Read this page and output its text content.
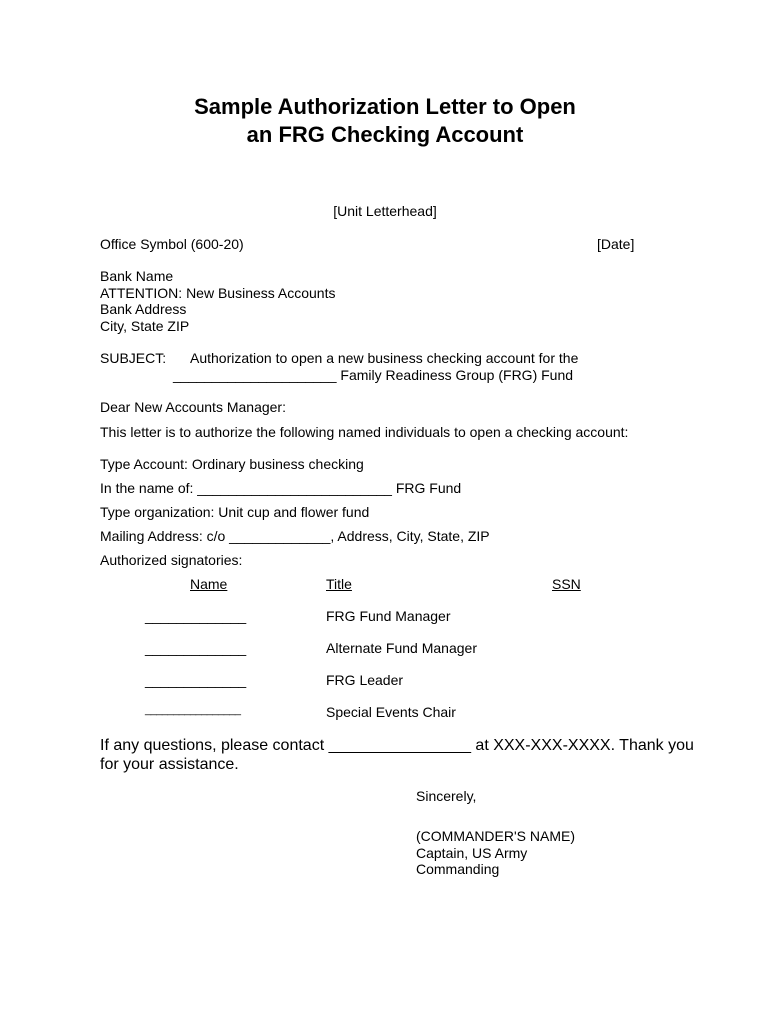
Sample Authorization Letter to Open
an FRG Checking Account
[Unit Letterhead]
Office Symbol (600-20)	[Date]
Bank Name
ATTENTION: New Business Accounts
Bank Address
City, State ZIP
SUBJECT: Authorization to open a new business checking account for the
_____________________ Family Readiness Group (FRG) Fund
Dear New Accounts Manager:
This letter is to authorize the following named individuals to open a checking account:
Type Account: Ordinary business checking
In the name of: _________________________ FRG Fund
Type organization: Unit cup and flower fund
Mailing Address: c/o _____________, Address, City, State, ZIP
Authorized signatories:
Name	Title	SSN
_____________	FRG Fund Manager
_____________	Alternate Fund Manager
_____________	FRG Leader
_________________	Special Events Chair
If any questions, please contact ________________ at XXX-XXX-XXXX. Thank you
for your assistance.
Sincerely,
(COMMANDER'S NAME)
Captain, US Army
Commanding
